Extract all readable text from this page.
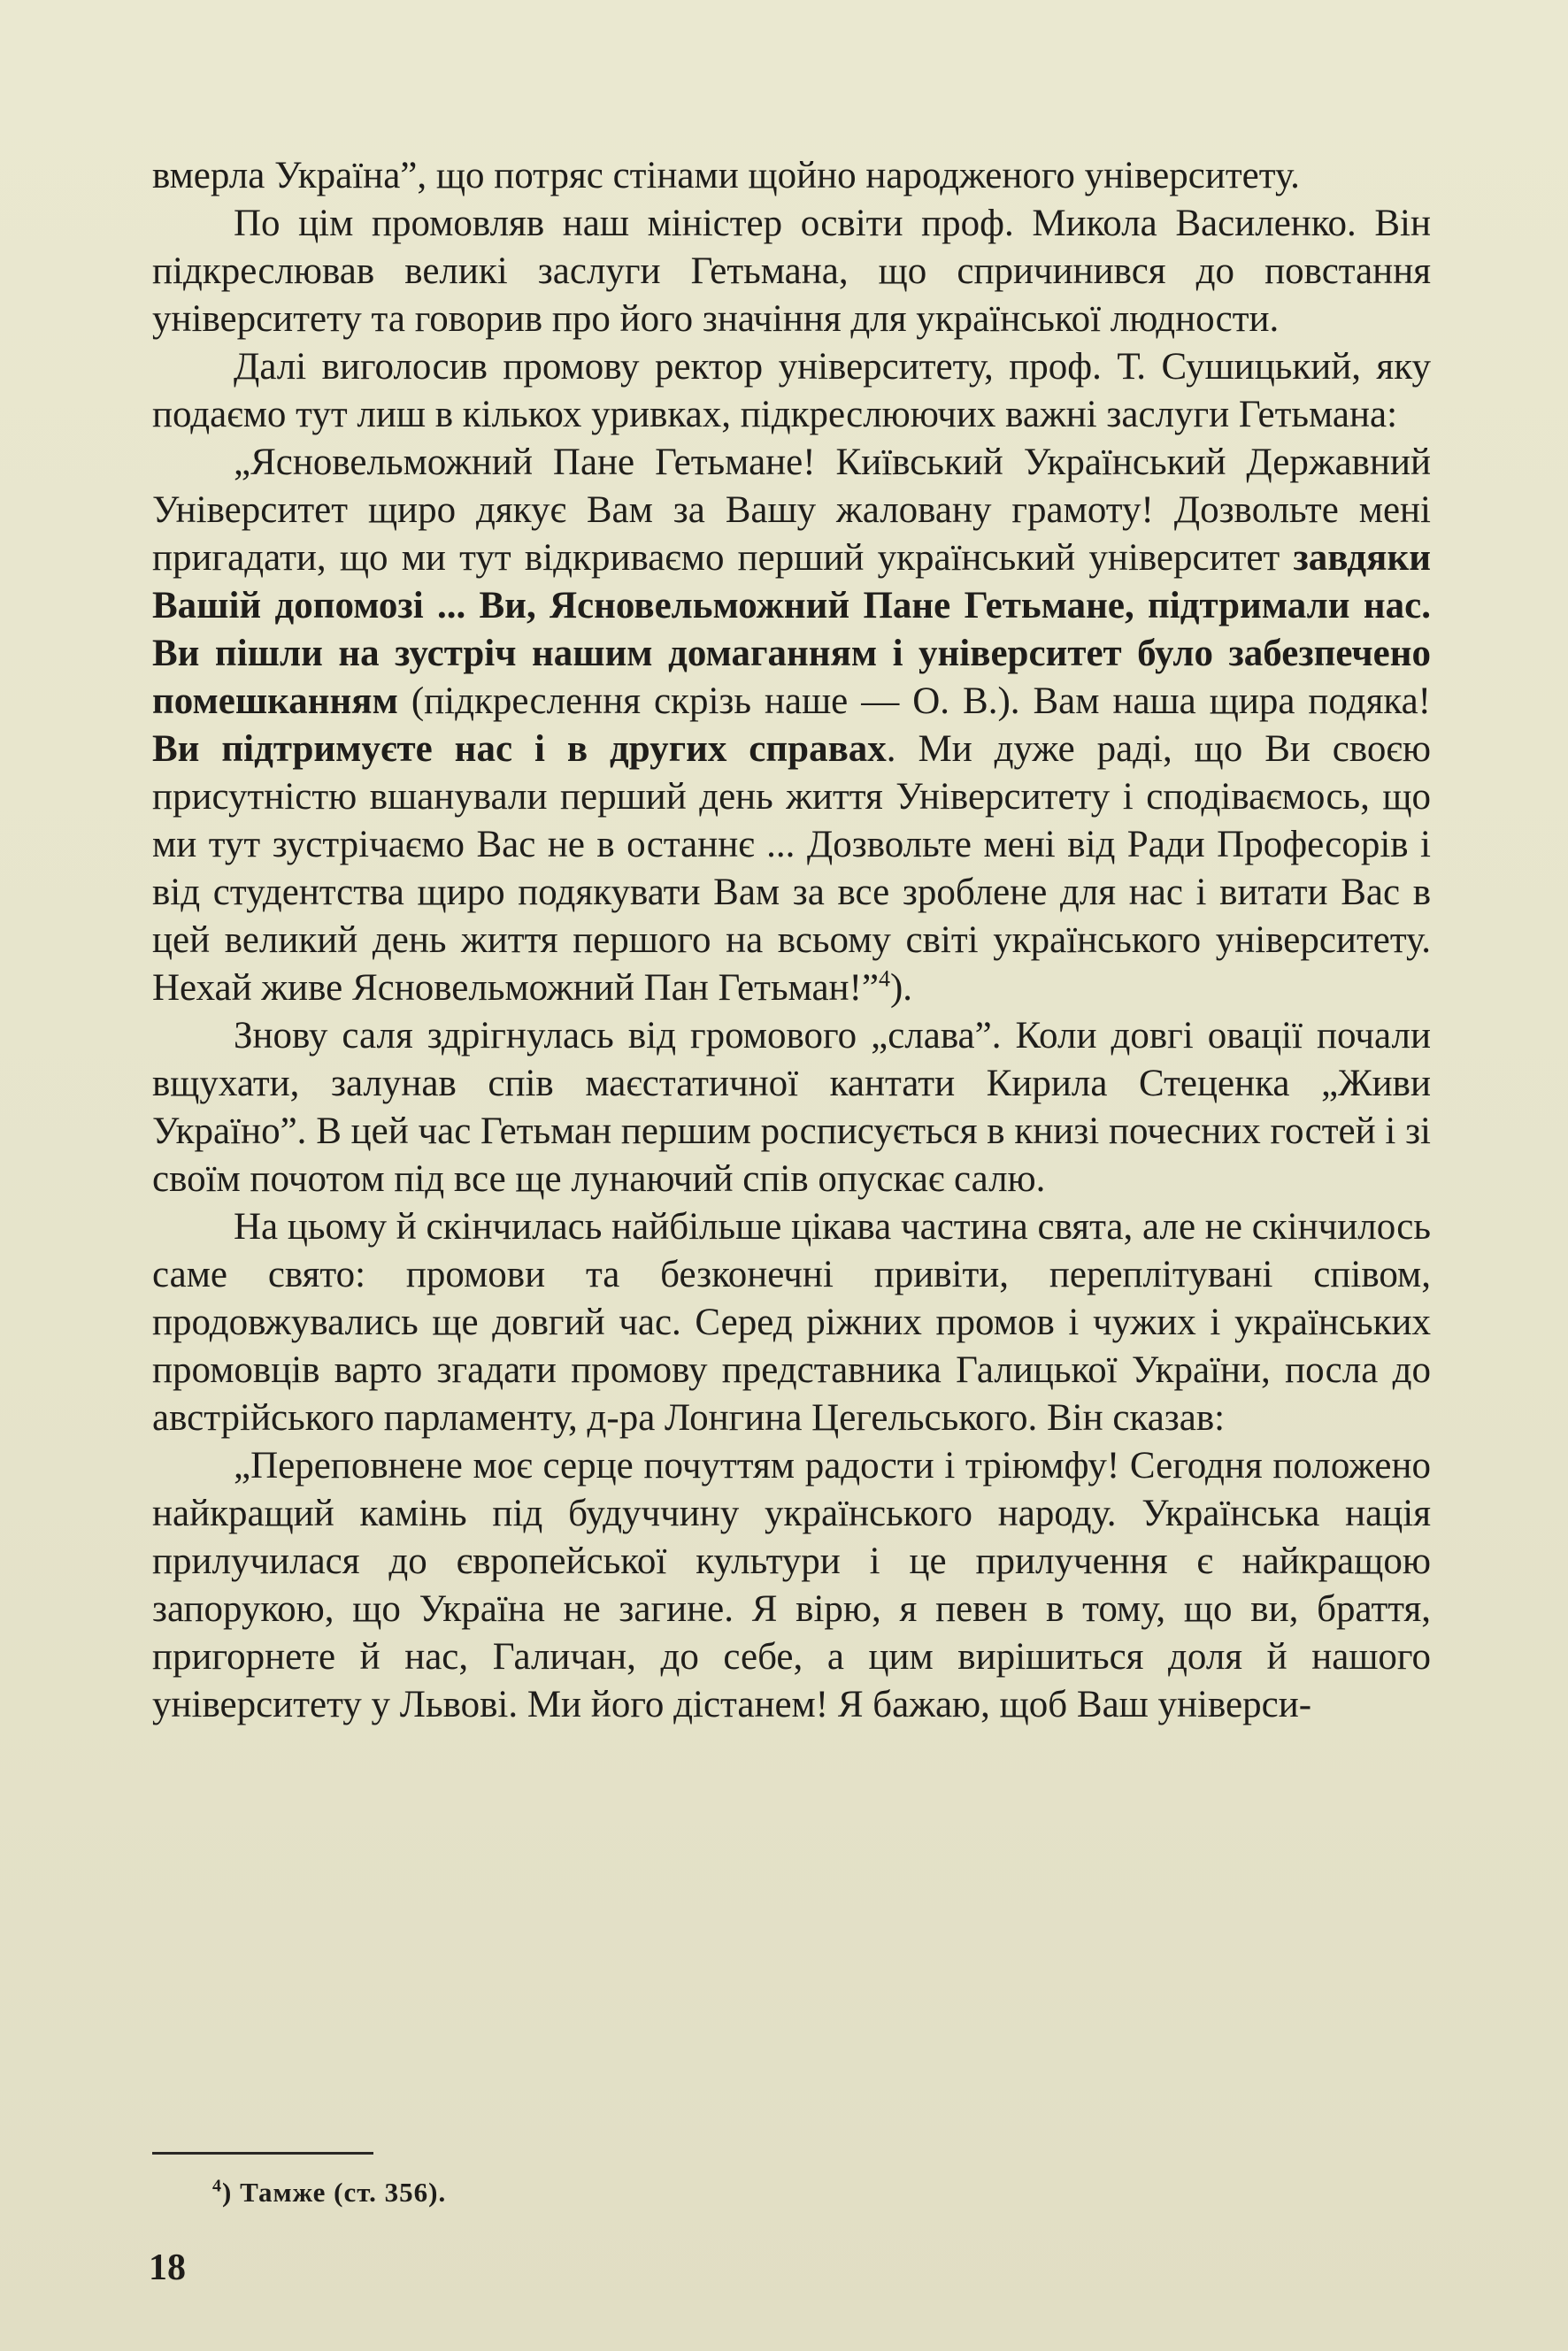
вмерла Україна”, що потряс стінами щойно народженого університету.

По цім промовляв наш міністер освіти проф. Микола Василенко. Він підкреслював великі заслуги Гетьмана, що спричинився до повстання університету та говорив про його значіння для української людности.

Далі виголосив промову ректор університету, проф. Т. Сушицький, яку подаємо тут лиш в кількох уривках, підкреслюючих важні заслуги Гетьмана:

„Ясновельможний Пане Гетьмане! Київський Український Державний Університет щиро дякує Вам за Вашу жаловану грамоту! Дозвольте мені пригадати, що ми тут відкриваємо перший український університет завдяки Вашій допомозі ... Ви, Ясновельможний Пане Гетьмане, підтримали нас. Ви пішли на зустріч нашим домаганням і університет було забезпечено помешканням (підкреслення скрізь наше — О. В.). Вам наша щира подяка! Ви підтримуєте нас і в других справах. Ми дуже раді, що Ви своєю присутністю вшанували перший день життя Університету і сподіваємось, що ми тут зустрічаємо Вас не в останнє ... Дозвольте мені від Ради Професорів і від студентства щиро подякувати Вам за все зроблене для нас і витати Вас в цей великий день життя першого на всьому світі українського університету. Нехай живе Ясновельможний Пан Гетьман!”$^4$).

Знову саля здрігнулась від громового „слава”. Коли довгі овації почали вщухати, залунав спів маєстатичної кантати Кирила Стеценка „Живи Україно”. В цей час Гетьман першим росписується в книзі почесних гостей і зі своїм почотом під все ще лунаючий спів опускає салю.

На цьому й скінчилась найбільше цікава частина свята, але не скінчилось саме свято: промови та безконечні привіти, переплітувані співом, продовжувались ще довгий час. Серед ріжних промов і чужих і українських промовців варто згадати промову представника Галицької України, посла до австрійського парламенту, д-ра Лонгина Цегельського. Він сказав:

„Переповнене моє серце почуттям радости і тріюмфу! Сегодня положено найкращий камінь під будуччину українського народу. Українська нація прилучилася до європейської культури і це прилучення є найкращою запорукою, що Україна не загине. Я вірю, я певен в тому, що ви, браття, пригорнете й нас, Галичан, до себе, а цим вирішиться доля й нашого університету у Львові. Ми його дістанем! Я бажаю, щоб Ваш універси-

$^4$) Тамже (ст. 356).
18
